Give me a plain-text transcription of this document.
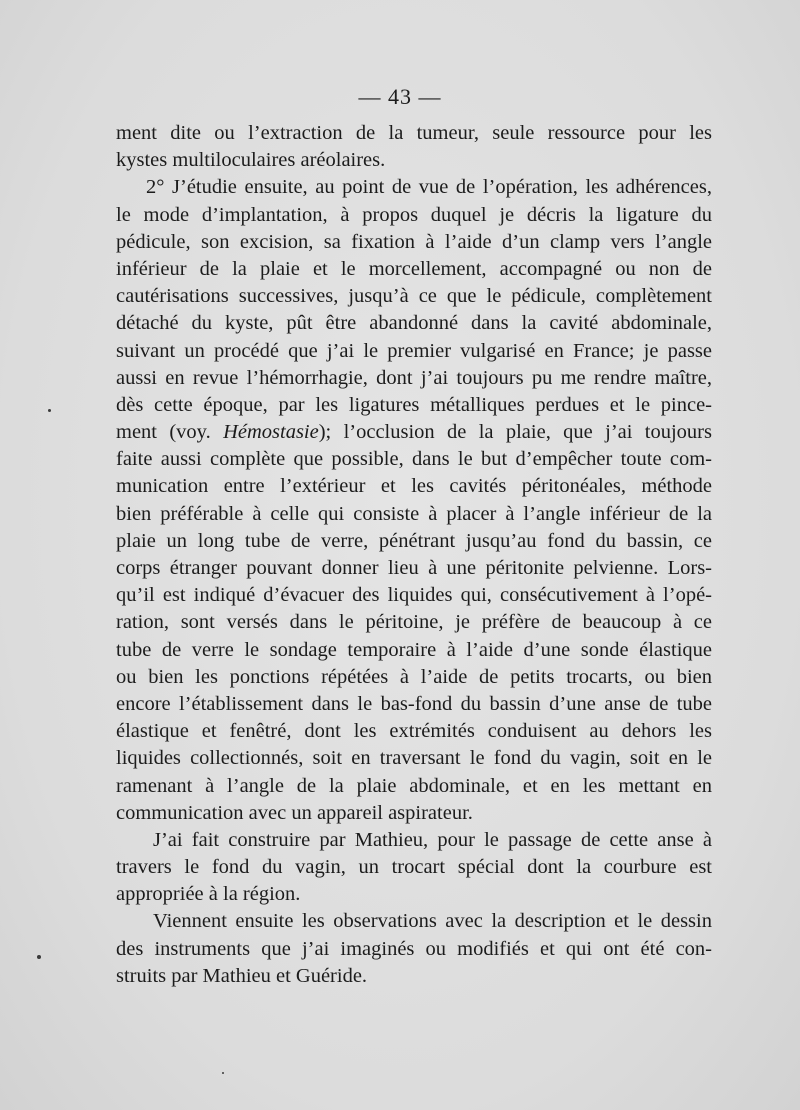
— 43 —
ment dite ou l’extraction de la tumeur, seule ressource pour les
kystes multiloculaires aréolaires.
2° J’étudie ensuite, au point de vue de l’opération, les adhérences,
le mode d’implantation, à propos duquel je décris la ligature du
pédicule, son excision, sa fixation à l’aide d’un clamp vers l’angle
inférieur de la plaie et le morcellement, accompagné ou non de
cautérisations successives, jusqu’à ce que le pédicule, complètement
détaché du kyste, pût être abandonné dans la cavité abdominale,
suivant un procédé que j’ai le premier vulgarisé en France; je passe
aussi en revue l’hémorrhagie, dont j’ai toujours pu me rendre maître,
dès cette époque, par les ligatures métalliques perdues et le pince-
ment (voy. Hémostasie); l’occlusion de la plaie, que j’ai toujours
faite aussi complète que possible, dans le but d’empêcher toute com-
munication entre l’extérieur et les cavités péritonéales, méthode
bien préférable à celle qui consiste à placer à l’angle inférieur de la
plaie un long tube de verre, pénétrant jusqu’au fond du bassin, ce
corps étranger pouvant donner lieu à une péritonite pelvienne. Lors-
qu’il est indiqué d’évacuer des liquides qui, consécutivement à l’opé-
ration, sont versés dans le péritoine, je préfère de beaucoup à ce
tube de verre le sondage temporaire à l’aide d’une sonde élastique
ou bien les ponctions répétées à l’aide de petits trocarts, ou bien
encore l’établissement dans le bas-fond du bassin d’une anse de tube
élastique et fenêtré, dont les extrémités conduisent au dehors les
liquides collectionnés, soit en traversant le fond du vagin, soit en le
ramenant à l’angle de la plaie abdominale, et en les mettant en
communication avec un appareil aspirateur.
J’ai fait construire par Mathieu, pour le passage de cette anse à
travers le fond du vagin, un trocart spécial dont la courbure est
appropriée à la région.
Viennent ensuite les observations avec la description et le dessin
des instruments que j’ai imaginés ou modifiés et qui ont été con-
struits par Mathieu et Guéride.
